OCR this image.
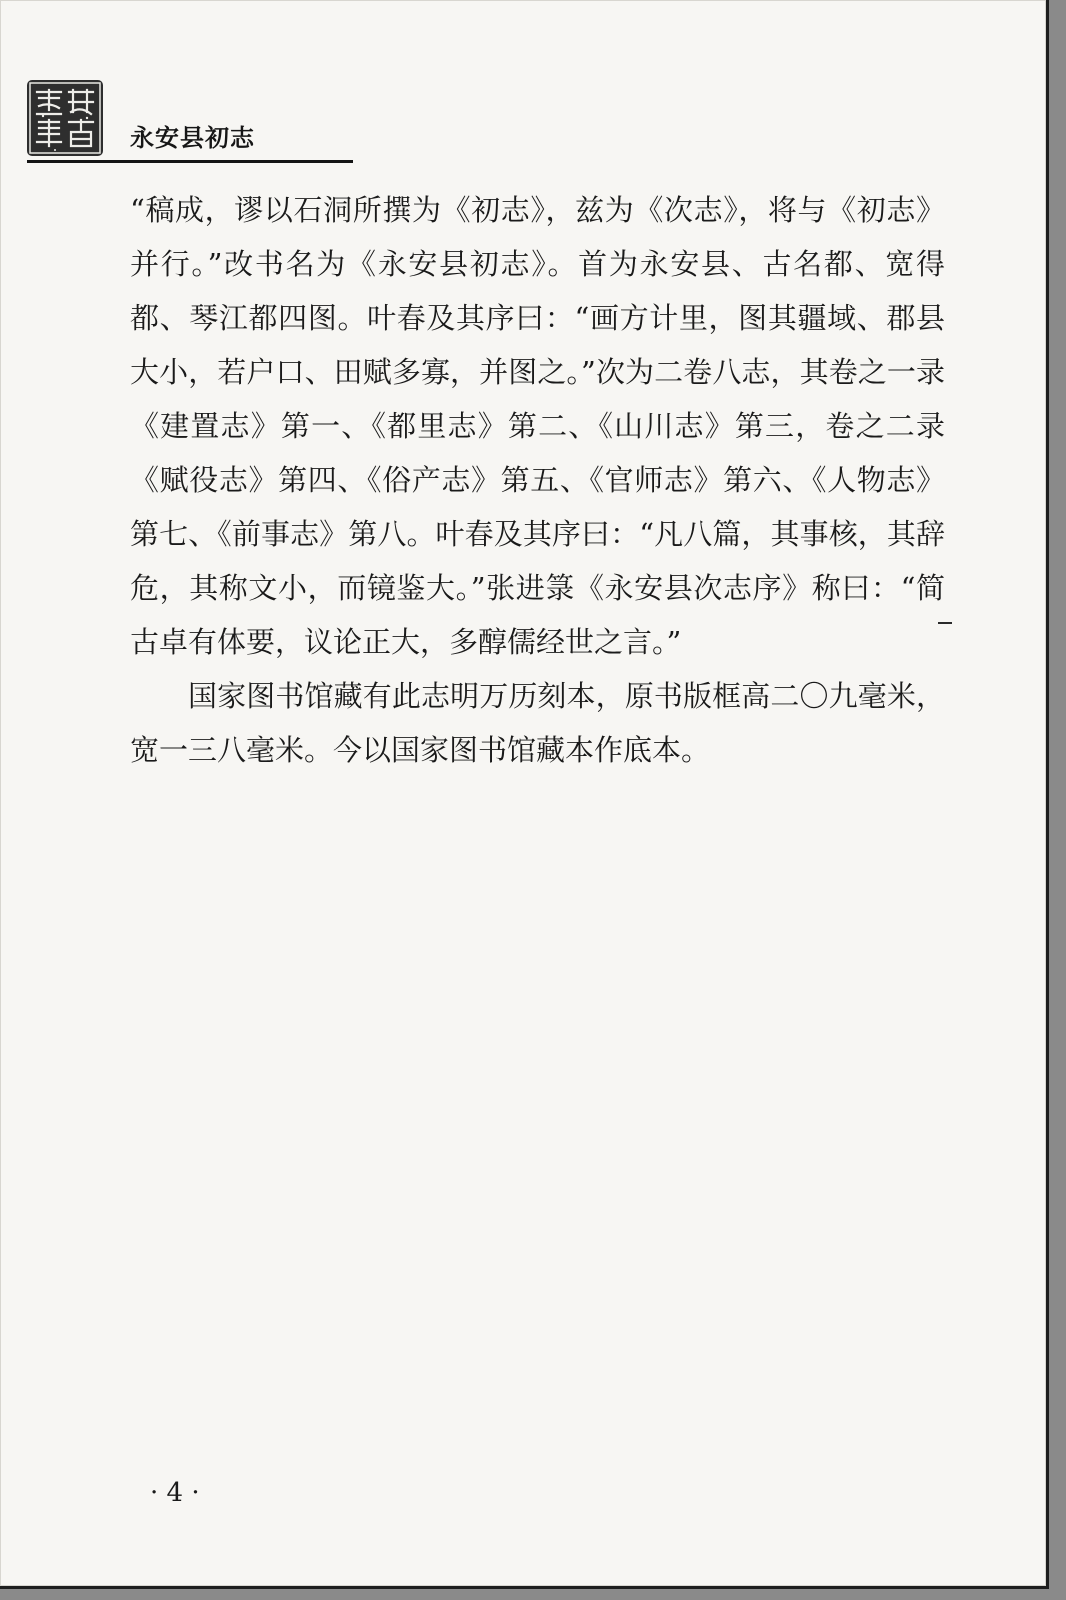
永安县初志

“稿成，谬以石洞所撰为《初志》，兹为《次志》，将与《初志》并行。”改书名为《永安县初志》。首为永安县、古名都、宽得都、琴江都四图。叶春及其序曰：“画方计里，图其疆域、郡县大小，若户口、田赋多寡，并图之。”次为二卷八志，其卷之一录《建置志》第一、《都里志》第二、《山川志》第三，卷之二录《赋役志》第四、《俗产志》第五、《官师志》第六、《人物志》第七、《前事志》第八。叶春及其序曰：“凡八篇，其事核，其辞危，其称文小，而镜鉴大。”张进箓《永安县次志序》称曰：“简古卓有体要，议论正大，多醇儒经世之言。”

国家图书馆藏有此志明万历刻本，原书版框高二〇九毫米，宽一三八毫米。今以国家图书馆藏本作底本。

· 4 ·
